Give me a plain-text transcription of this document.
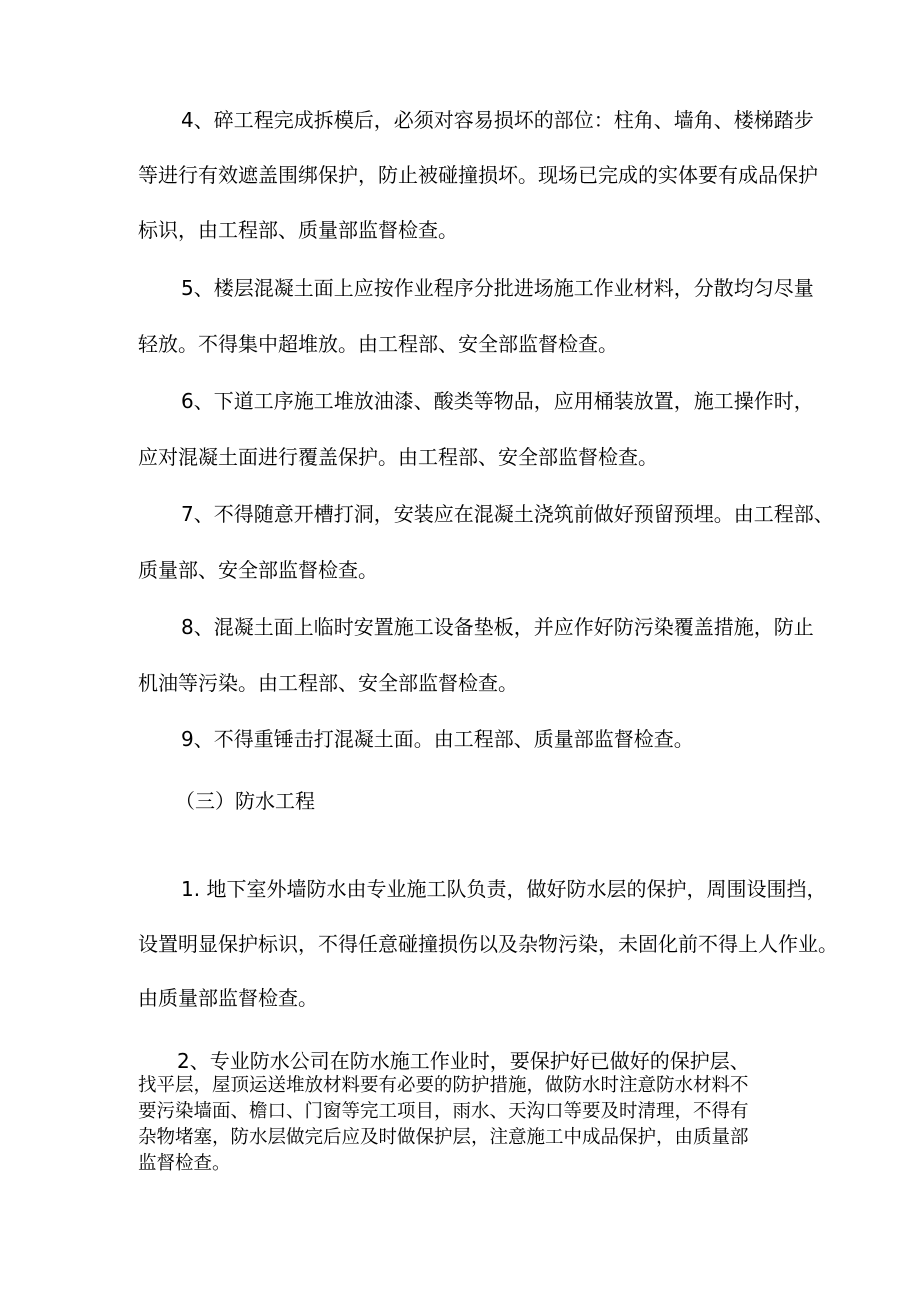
4、碎工程完成拆模后，必须对容易损坏的部位：柱角、墙角、楼梯踏步
等进行有效遮盖围绑保护，防止被碰撞损坏。现场已完成的实体要有成品保护
标识，由工程部、质量部监督检查。
5、楼层混凝土面上应按作业程序分批进场施工作业材料，分散均匀尽量
轻放。不得集中超堆放。由工程部、安全部监督检查。
6、下道工序施工堆放油漆、酸类等物品，应用桶装放置，施工操作时，
应对混凝土面进行覆盖保护。由工程部、安全部监督检查。
7、不得随意开槽打洞，安装应在混凝土浇筑前做好预留预埋。由工程部、
质量部、安全部监督检查。
8、混凝土面上临时安置施工设备垫板，并应作好防污染覆盖措施，防止
机油等污染。由工程部、安全部监督检查。
9、不得重锤击打混凝土面。由工程部、质量部监督检查。
（三）防水工程
1. 地下室外墙防水由专业施工队负责，做好防水层的保护，周围设围挡，
设置明显保护标识，不得任意碰撞损伤以及杂物污染，未固化前不得上人作业。
由质量部监督检查。
2、专业防水公司在防水施工作业时，要保护好已做好的保护层、
找平层，屋顶运送堆放材料要有必要的防护措施，做防水时注意防水材料不
要污染墙面、檐口、门窗等完工项目，雨水、天沟口等要及时清理，不得有
杂物堵塞，防水层做完后应及时做保护层，注意施工中成品保护，由质量部
监督检查。
